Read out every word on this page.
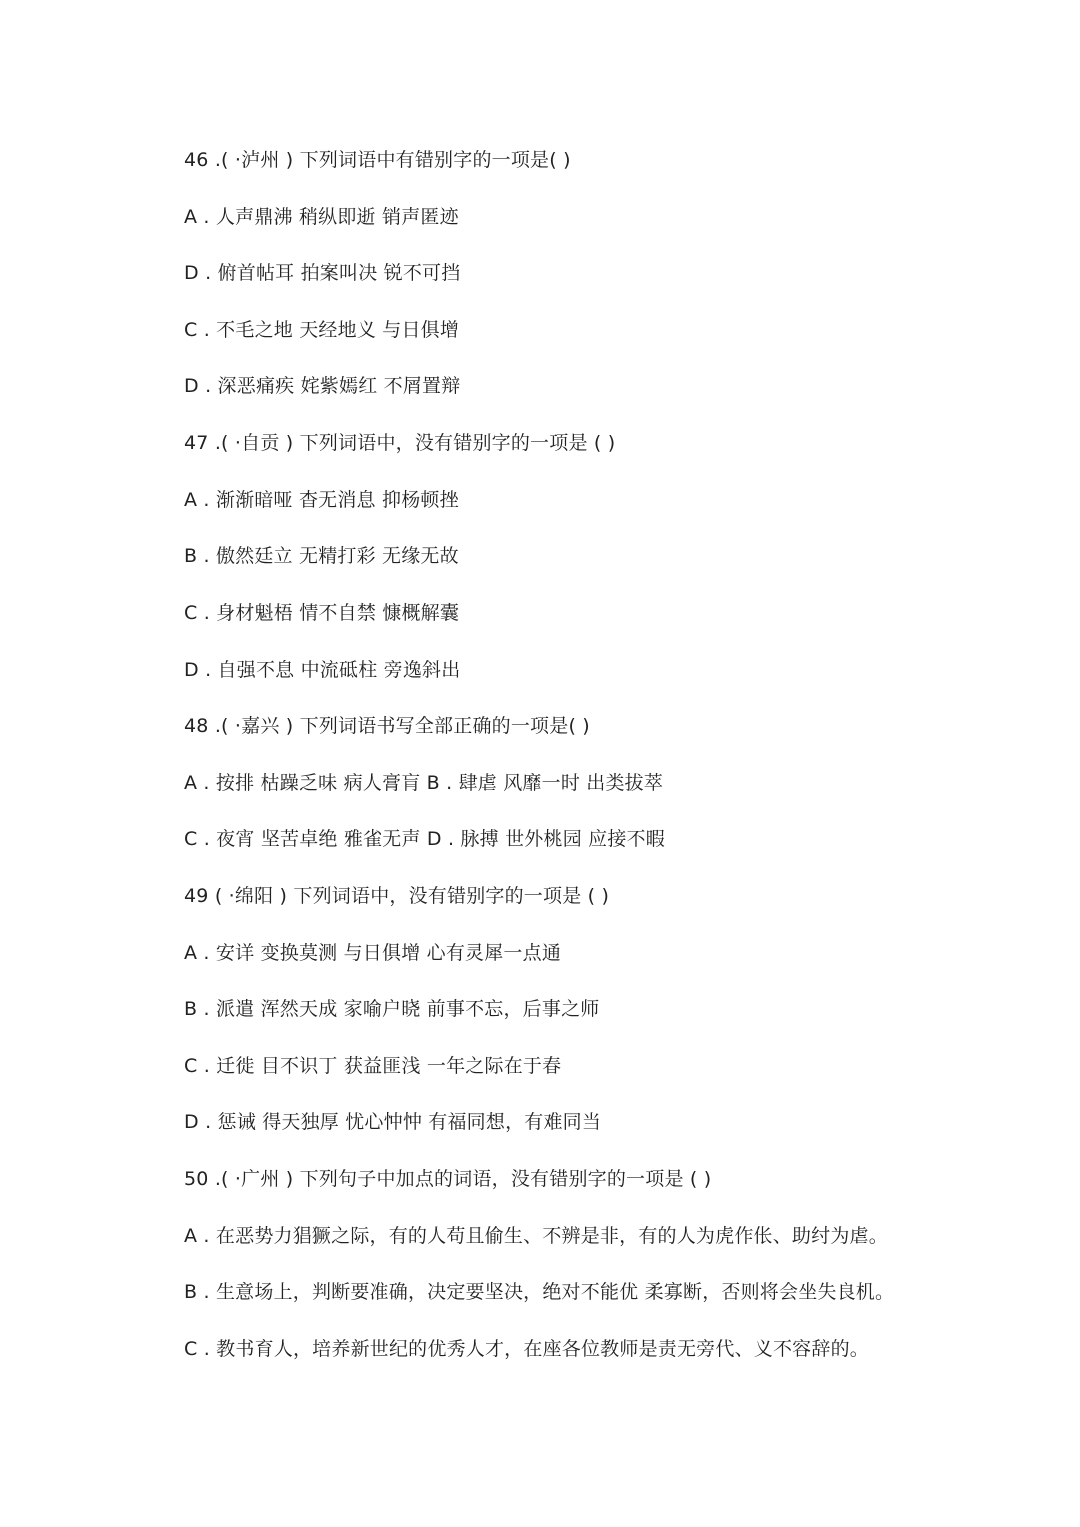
46 .( ·泸州 ) 下列词语中有错别字的一项是( )
A . 人声鼎沸 稍纵即逝 销声匿迹
D . 俯首帖耳 拍案叫决 锐不可挡
C . 不毛之地 天经地义 与日俱增
D . 深恶痛疾 姹紫嫣红 不屑置辩
47 .( ·自贡 ) 下列词语中，没有错别字的一项是 ( )
A . 渐渐暗哑 杳无消息 抑杨顿挫
B . 傲然廷立 无精打彩 无缘无故
C . 身材魁梧 情不自禁 慷概解囊
D . 自强不息 中流砥柱 旁逸斜出
48 .( ·嘉兴 ) 下列词语书写全部正确的一项是( )
A . 按排 枯躁乏味 病人膏肓 B . 肆虐 风靡一时 出类拔萃
C . 夜宵 坚苦卓绝 雅雀无声 D . 脉搏 世外桃园 应接不暇
49 ( ·绵阳 ) 下列词语中，没有错别字的一项是 ( )
A . 安详 变换莫测 与日俱增 心有灵犀一点通
B . 派遣 浑然天成 家喻户晓 前事不忘，后事之师
C . 迁徙 目不识丁 获益匪浅 一年之际在于春
D . 惩诫 得天独厚 忧心忡忡 有福同想，有难同当
50 .( ·广州 ) 下列句子中加点的词语，没有错别字的一项是 ( )
A . 在恶势力猖獗之际，有的人苟且偷生、不辨是非，有的人为虎作伥、助纣为虐。
B . 生意场上，判断要准确，决定要坚决，绝对不能优 柔寡断，否则将会坐失良机。
C . 教书育人，培养新世纪的优秀人才，在座各位教师是责无旁代、义不容辞的。
